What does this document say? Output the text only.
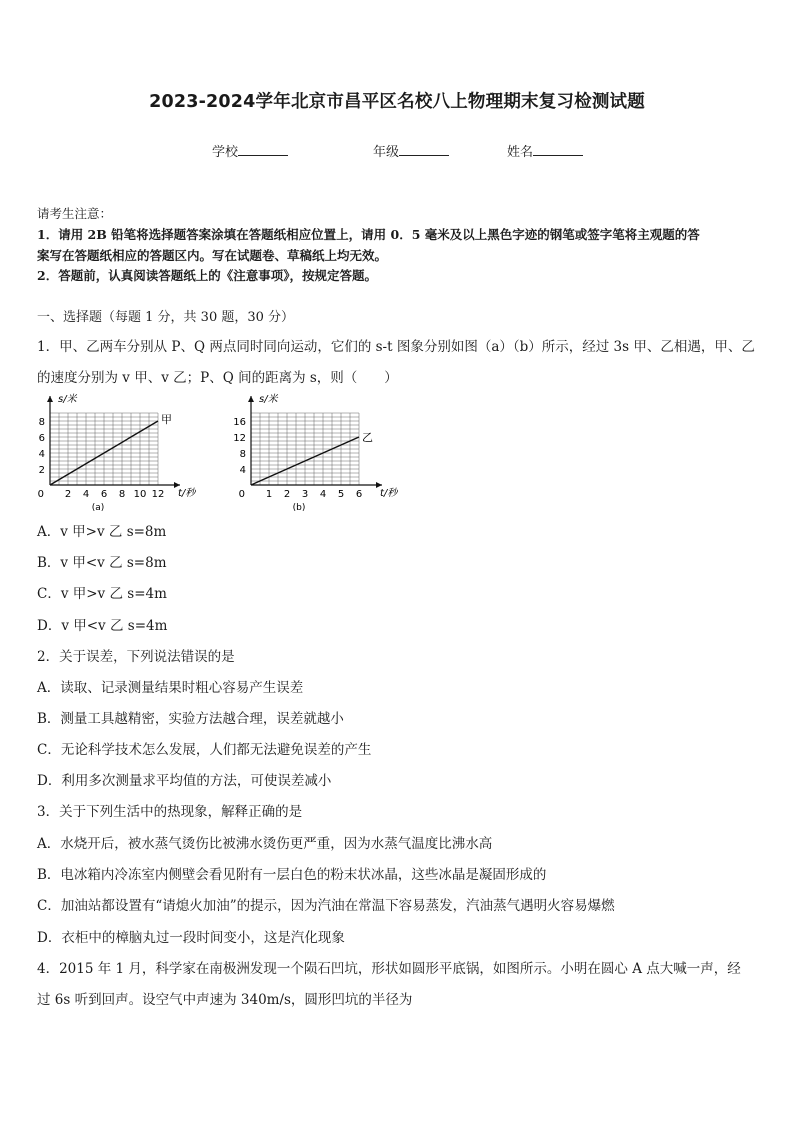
2023-2024学年北京市昌平区名校八上物理期末复习检测试题
学校	年级	姓名
请考生注意：
1．请用 2B 铅笔将选择题答案涂填在答题纸相应位置上，请用 0．5 毫米及以上黑色字迹的钢笔或签字笔将主观题的答
案写在答题纸相应的答题区内。写在试题卷、草稿纸上均无效。
2．答题前，认真阅读答题纸上的《注意事项》，按规定答题。
一、选择题（每题 1 分，共 30 题，30 分）
1．甲、乙两车分别从 P、Q 两点同时同向运动，它们的 s-t 图象分别如图（a）（b）所示，经过 3s 甲、乙相遇，甲、乙
的速度分别为 v 甲、v 乙；P、Q 间的距离为 s，则（　　）
s/米
t/秒
0 2 4 6 8 10 12
2
4
6
8	甲
(a)
s/米
t/秒
0 1 2 3 4 5 6
4
8
12
16
乙
(b)
A．v 甲>v 乙 s=8m
B．v 甲<v 乙 s=8m
C．v 甲>v 乙 s=4m
D．v 甲<v 乙 s=4m
2．关于误差，下列说法错误的是
A．读取、记录测量结果时粗心容易产生误差
B．测量工具越精密，实验方法越合理，误差就越小
C．无论科学技术怎么发展，人们都无法避免误差的产生
D．利用多次测量求平均值的方法，可使误差减小
3．关于下列生活中的热现象，解释正确的是
A．水烧开后，被水蒸气烫伤比被沸水烫伤更严重，因为水蒸气温度比沸水高
B．电冰箱内冷冻室内侧壁会看见附有一层白色的粉末状冰晶，这些冰晶是凝固形成的
C．加油站都设置有“请熄火加油”的提示，因为汽油在常温下容易蒸发，汽油蒸气遇明火容易爆燃
D．衣柜中的樟脑丸过一段时间变小，这是汽化现象
4．2015 年 1 月，科学家在南极洲发现一个陨石凹坑，形状如圆形平底锅，如图所示。小明在圆心 A 点大喊一声，经
过 6s 听到回声。设空气中声速为 340m/s，圆形凹坑的半径为
